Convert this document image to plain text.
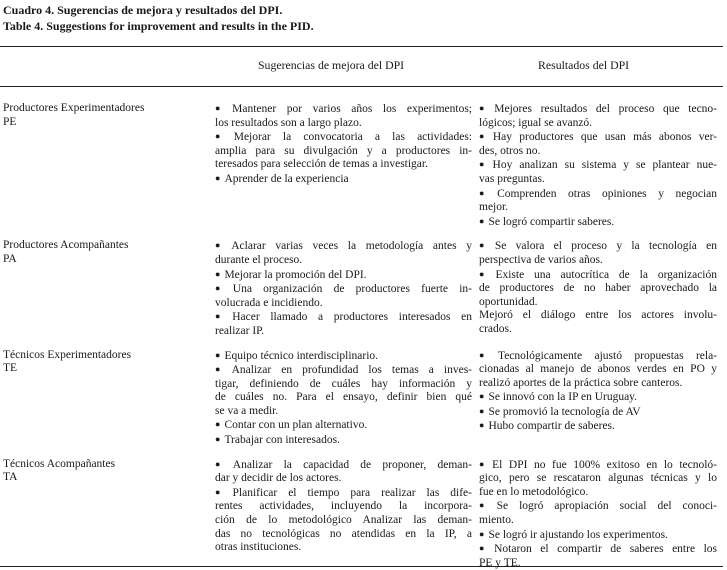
Cuadro 4. Sugerencias de mejora y resultados del DPI.
Table 4. Suggestions for improvement and results in the PID.
Sugerencias de mejora del DPI	Resultados del DPI
Productores Experimentadores
PE
● Mantener por varios años los experimentos;
los resultados son a largo plazo.
● Mejorar la convocatoria a las actividades:
amplia para su divulgación y a productores in-
teresados para selección de temas a investigar.
● Aprender de la experiencia
● Mejores resultados del proceso que tecno-
lógicos; igual se avanzó.
● Hay productores que usan más abonos ver-
des, otros no.
● Hoy analizan su sistema y se plantear nue-
vas preguntas.
● Comprenden otras opiniones y negocian
mejor.
● Se logró compartir saberes.
Productores Acompañantes
PA
● Aclarar varias veces la metodología antes y
durante el proceso.
● Mejorar la promoción del DPI.
● Una organización de productores fuerte in-
volucrada e incidiendo.
● Hacer llamado a productores interesados en
realizar IP.
● Se valora el proceso y la tecnología en
perspectiva de varios años.
● Existe una autocrítica de la organización
de productores de no haber aprovechado la
oportunidad.
Mejoró el diálogo entre los actores involu-
crados.
Técnicos Experimentadores
TE
● Equipo técnico interdisciplinario.
● Analizar en profundidad los temas a inves-
tigar, definiendo de cuáles hay información y
de cuáles no. Para el ensayo, definir bien qué
se va a medir.
● Contar con un plan alternativo.
● Trabajar con interesados.
● Tecnológicamente ajustó propuestas rela-
cionadas al manejo de abonos verdes en PO y
realizó aportes de la práctica sobre canteros.
● Se innovó con la IP en Uruguay.
● Se promovió la tecnología de AV
● Hubo compartir de saberes.
Técnicos Acompañantes
TA
● Analizar la capacidad de proponer, deman-
dar y decidir de los actores.
● Planificar el tiempo para realizar las dife-
rentes actividades, incluyendo la incorpora-
ción de lo metodológico Analizar las deman-
das no tecnológicas no atendidas en la IP, a
otras instituciones.
● El DPI no fue 100% exitoso en lo tecnoló-
gico, pero se rescataron algunas técnicas y lo
fue en lo metodológico.
● Se logró apropiación social del conoci-
miento.
● Se logró ir ajustando los experimentos.
● Notaron el compartir de saberes entre los
PE y TE.
